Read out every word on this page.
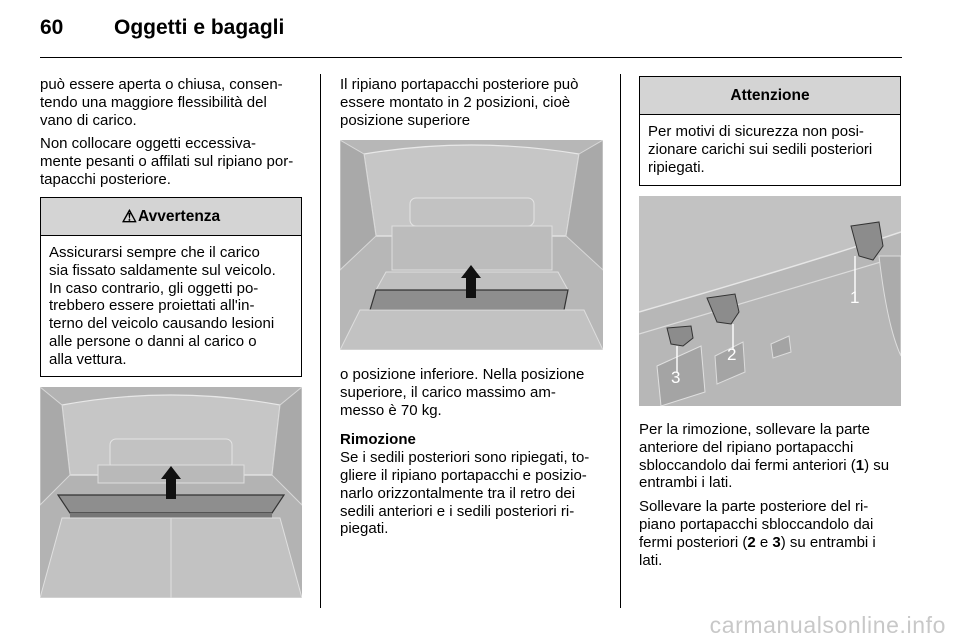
60 Oggetti e bagagli

può essere aperta o chiusa, consen-
tendo una maggiore flessibilità del
vano di carico.

Non collocare oggetti eccessiva-
mente pesanti o affilati sul ripiano por-
tapacchi posteriore.

⚠ Avvertenza
Assicurarsi sempre che il carico
sia fissato saldamente sul veicolo.
In caso contrario, gli oggetti po-
trebbero essere proiettati all'in-
terno del veicolo causando lesioni
alle persone o danni al carico o
alla vettura.

Il ripiano portapacchi posteriore può
essere montato in 2 posizioni, cioè
posizione superiore

o posizione inferiore. Nella posizione
superiore, il carico massimo am-
messo è 70 kg.

Rimozione

Se i sedili posteriori sono ripiegati, to-
gliere il ripiano portapacchi e posizio-
narlo orizzontalmente tra il retro dei
sedili anteriori e i sedili posteriori ri-
piegati.

Attenzione
Per motivi di sicurezza non posi-
zionare carichi sui sedili posteriori
ripiegati.
1
2
3

Per la rimozione, sollevare la parte
anteriore del ripiano portapacchi
sbloccandolo dai fermi anteriori (1) su
entrambi i lati.

Sollevare la parte posteriore del ri-
piano portapacchi sbloccandolo dai
fermi posteriori (2 e 3) su entrambi i
lati.

carmanualsonline.info
